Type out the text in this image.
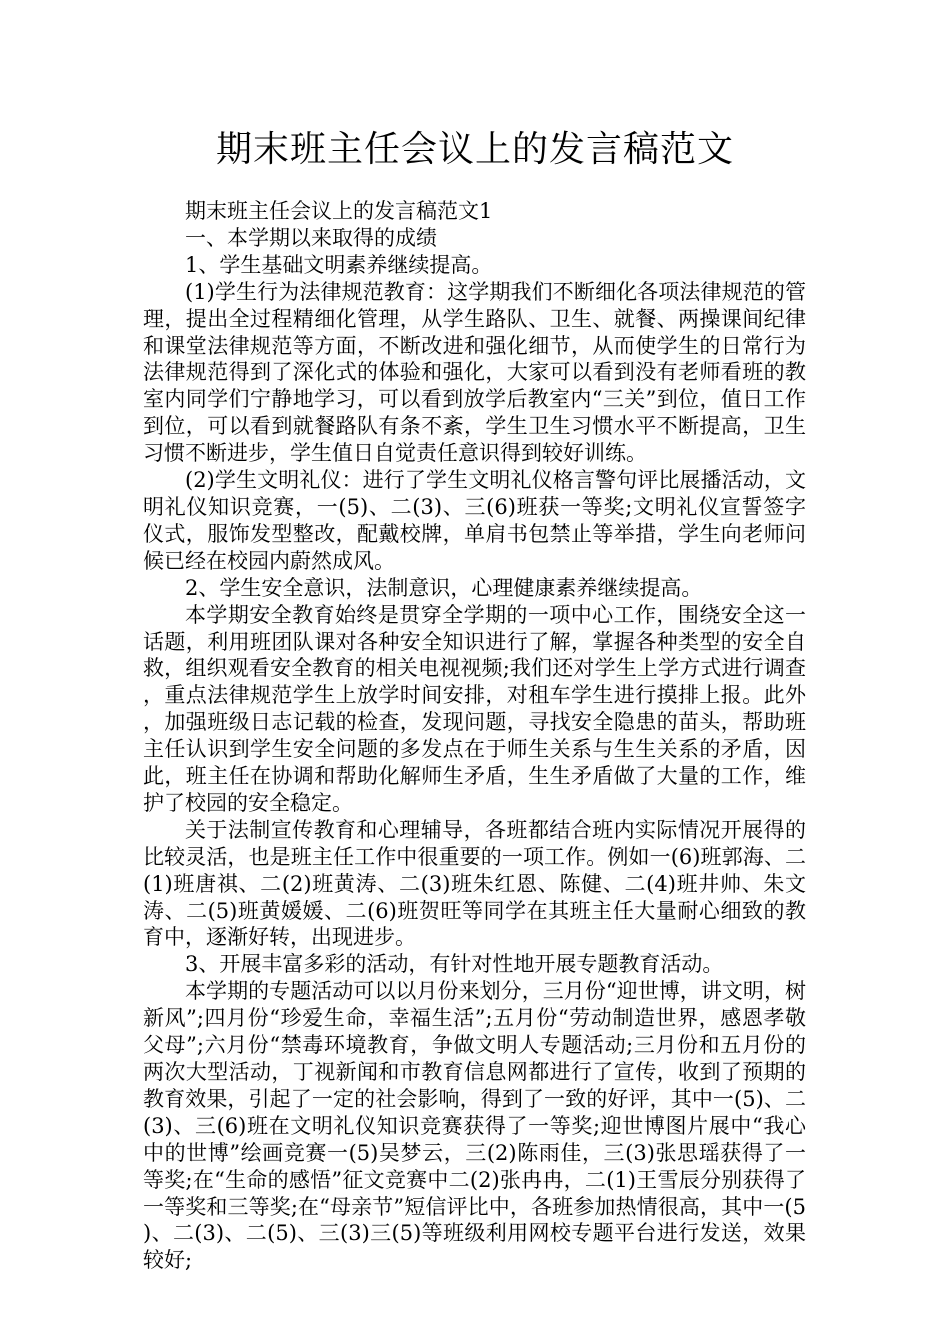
期末班主任会议上的发言稿范文

期末班主任会议上的发言稿范文1

一、本学期以来取得的成绩

1、学生基础文明素养继续提高。

(1)学生行为法律规范教育：这学期我们不断细化各项法律规范的管理，提出全过程精细化管理，从学生路队、卫生、就餐、两操课间纪律和课堂法律规范等方面，不断改进和强化细节，从而使学生的日常行为法律规范得到了深化式的体验和强化，大家可以看到没有老师看班的教室内同学们宁静地学习，可以看到放学后教室内“三关”到位，值日工作到位，可以看到就餐路队有条不紊，学生卫生习惯水平不断提高，卫生习惯不断进步，学生值日自觉责任意识得到较好训练。

(2)学生文明礼仪：进行了学生文明礼仪格言警句评比展播活动，文明礼仪知识竞赛，一(5)、二(3)、三(6)班获一等奖;文明礼仪宣誓签字仪式，服饰发型整改，配戴校牌，单肩书包禁止等举措，学生向老师问候已经在校园内蔚然成风。

2、学生安全意识，法制意识，心理健康素养继续提高。

本学期安全教育始终是贯穿全学期的一项中心工作，围绕安全这一话题，利用班团队课对各种安全知识进行了解，掌握各种类型的安全自救，组织观看安全教育的相关电视视频;我们还对学生上学方式进行调查，重点法律规范学生上放学时间安排，对租车学生进行摸排上报。此外，加强班级日志记载的检查，发现问题，寻找安全隐患的苗头，帮助班主任认识到学生安全问题的多发点在于师生关系与生生关系的矛盾，因此，班主任在协调和帮助化解师生矛盾，生生矛盾做了大量的工作，维护了校园的安全稳定。

关于法制宣传教育和心理辅导，各班都结合班内实际情况开展得的比较灵活，也是班主任工作中很重要的一项工作。例如一(6)班郭海、二(1)班唐祺、二(2)班黄涛、二(3)班朱红恩、陈健、二(4)班井帅、朱文涛、二(5)班黄媛媛、二(6)班贺旺等同学在其班主任大量耐心细致的教育中，逐渐好转，出现进步。

3、开展丰富多彩的活动，有针对性地开展专题教育活动。

本学期的专题活动可以以月份来划分，三月份“迎世博，讲文明，树新风”;四月份“珍爱生命，幸福生活”;五月份“劳动制造世界，感恩孝敬父母”;六月份“禁毒环境教育，争做文明人专题活动;三月份和五月份的两次大型活动，丁视新闻和市教育信息网都进行了宣传，收到了预期的教育效果，引起了一定的社会影响，得到了一致的好评，其中一(5)、二(3)、三(6)班在文明礼仪知识竞赛获得了一等奖;迎世博图片展中“我心中的世博”绘画竞赛一(5)吴梦云，三(2)陈雨佳，三(3)张思瑶获得了一等奖;在“生命的感悟”征文竞赛中二(2)张冉冉，二(1)王雪辰分别获得了一等奖和三等奖;在“母亲节”短信评比中，各班参加热情很高，其中一(5)、二(3)、二(5)、三(3)三(5)等班级利用网校专题平台进行发送，效果较好;
